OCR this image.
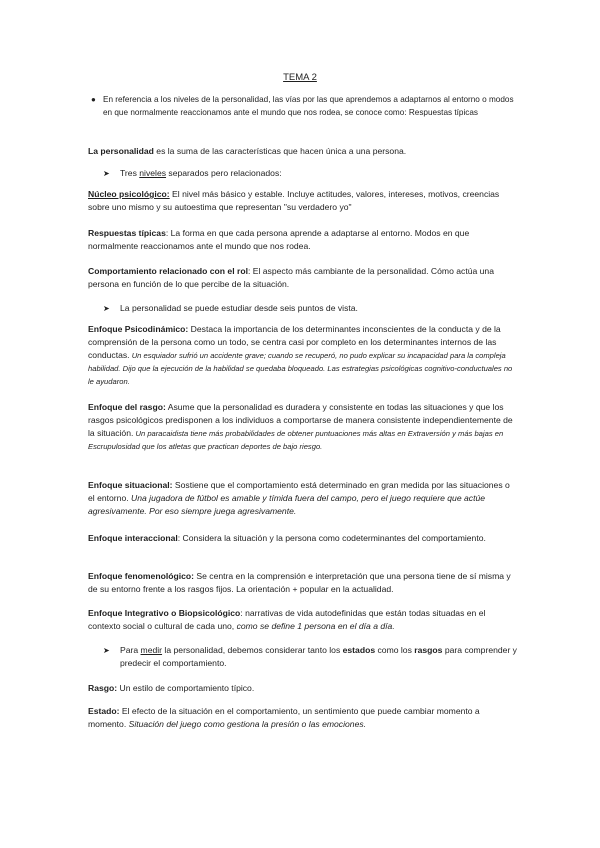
TEMA 2
● En referencia a los niveles de la personalidad, las vías por las que aprendemos a adaptarnos al entorno o modos en que normalmente reaccionamos ante el mundo que nos rodea, se conoce como: Respuestas típicas

La personalidad es la suma de las características que hacen única a una persona.

➤ Tres niveles separados pero relacionados:

Núcleo psicológico: El nivel más básico y estable. Incluye actitudes, valores, intereses, motivos, creencias sobre uno mismo y su autoestima que representan "su verdadero yo"

Respuestas típicas: La forma en que cada persona aprende a adaptarse al entorno. Modos en que normalmente reaccionamos ante el mundo que nos rodea.

Comportamiento relacionado con el rol: El aspecto más cambiante de la personalidad. Cómo actúa una persona en función de lo que percibe de la situación.

➤ La personalidad se puede estudiar desde seis puntos de vista.

Enfoque Psicodinámico: Destaca la importancia de los determinantes inconscientes de la conducta y de la comprensión de la persona como un todo, se centra casi por completo en los determinantes internos de las conductas. Un esquiador sufrió un accidente grave; cuando se recuperó, no pudo explicar su incapacidad para la compleja habilidad. Dijo que la ejecución de la habilidad se quedaba bloqueado. Las estrategias psicológicas cognitivo-conductuales no le ayudaron.

Enfoque del rasgo: Asume que la personalidad es duradera y consistente en todas las situaciones y que los rasgos psicológicos predisponen a los individuos a comportarse de manera consistente independientemente de la situación. Un paracaidista tiene más probabilidades de obtener puntuaciones más altas en Extraversión y más bajas en Escrupulosidad que los atletas que practican deportes de bajo riesgo.

Enfoque situacional: Sostiene que el comportamiento está determinado en gran medida por las situaciones o el entorno. Una jugadora de fútbol es amable y tímida fuera del campo, pero el juego requiere que actúe agresivamente. Por eso siempre juega agresivamente.

Enfoque interaccional: Considera la situación y la persona como codeterminantes del comportamiento.

Enfoque fenomenológico: Se centra en la comprensión e interpretación que una persona tiene de sí misma y de su entorno frente a los rasgos fijos. La orientación + popular en la actualidad.

Enfoque Integrativo o Biopsicológico: narrativas de vida autodefinidas que están todas situadas en el contexto social o cultural de cada uno, como se define 1 persona en el día a día.

➤ Para medir la personalidad, debemos considerar tanto los estados como los rasgos para comprender y predecir el comportamiento.

Rasgo: Un estilo de comportamiento típico.

Estado: El efecto de la situación en el comportamiento, un sentimiento que puede cambiar momento a momento. Situación del juego como gestiona la presión o las emociones.
